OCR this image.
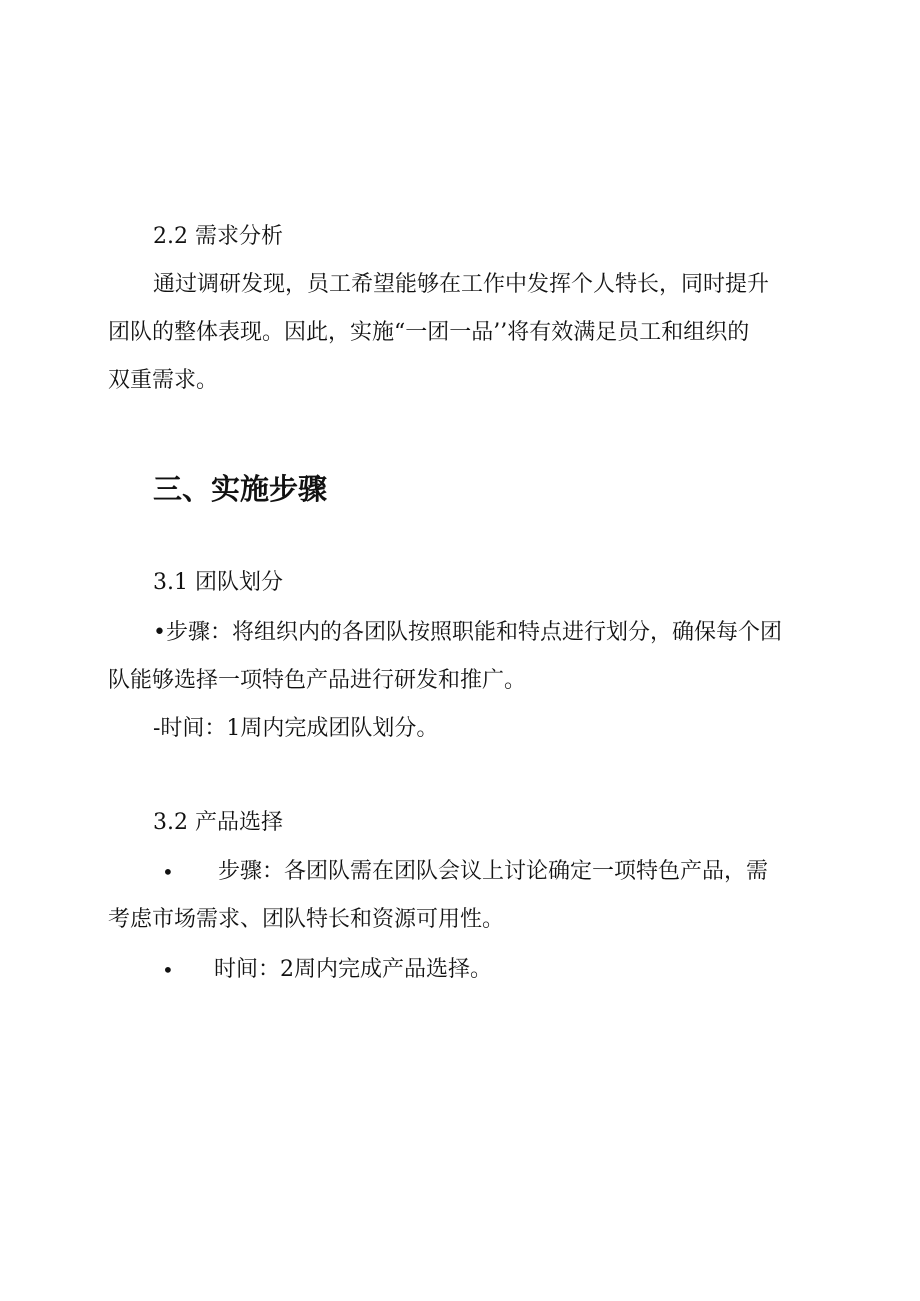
2.2 需求分析
通过调研发现，员工希望能够在工作中发挥个人特长，同时提升
团队的整体表现。因此，实施“一团一品’’将有效满足员工和组织的
双重需求。
三、实施步骤
3.1 团队划分
•步骤：将组织内的各团队按照职能和特点进行划分，确保每个团
队能够选择一项特色产品进行研发和推广。
-时间：1周内完成团队划分。
3.2 产品选择
• 步骤：各团队需在团队会议上讨论确定一项特色产品，需
考虑市场需求、团队特长和资源可用性。
• 时间：2周内完成产品选择。
